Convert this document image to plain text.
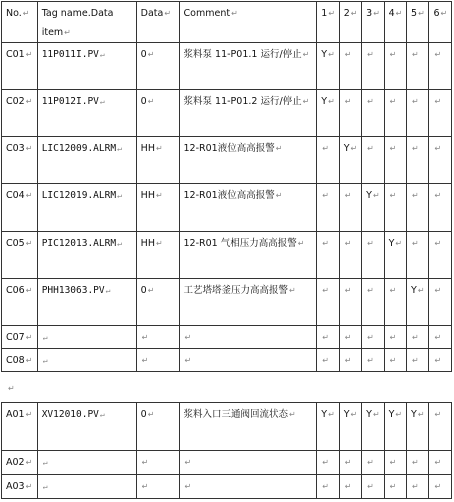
No.↵	Tag name.Data item↵	Data↵	Comment↵	1↵	2↵	3↵	4↵	5↵	6↵
C01↵	11P011I.PV↵	0↵	浆料泵 11-P01.1 运行/停止↵	Y↵	↵	↵	↵	↵	↵
C02↵	11P012I.PV↵	0↵	浆料泵 11-P01.2 运行/停止↵	Y↵	↵	↵	↵	↵	↵
C03↵	LIC12009.ALRM↵	HH↵	12-R01液位高高报警↵	↵	Y↵	↵	↵	↵	↵
C04↵	LIC12019.ALRM↵	HH↵	12-R01液位高高报警↵	↵	↵	Y↵	↵	↵	↵
C05↵	PIC12013.ALRM↵	HH↵	12-R01 气相压力高高报警↵	↵	↵	↵	Y↵	↵	↵
C06↵	PHH13063.PV↵	0↵	工艺塔塔釜压力高高报警↵	↵	↵	↵	↵	Y↵	↵
C07↵	↵	↵	↵	↵	↵	↵	↵	↵	↵
C08↵	↵	↵	↵	↵	↵	↵	↵	↵	↵
↵
A01↵	XV12010.PV↵	0↵	浆料入口三通阀回流状态↵	Y↵	Y↵	Y↵	Y↵	Y↵	↵
A02↵	↵	↵	↵	↵	↵	↵	↵	↵	↵
A03↵	↵	↵	↵	↵	↵	↵	↵	↵	↵
